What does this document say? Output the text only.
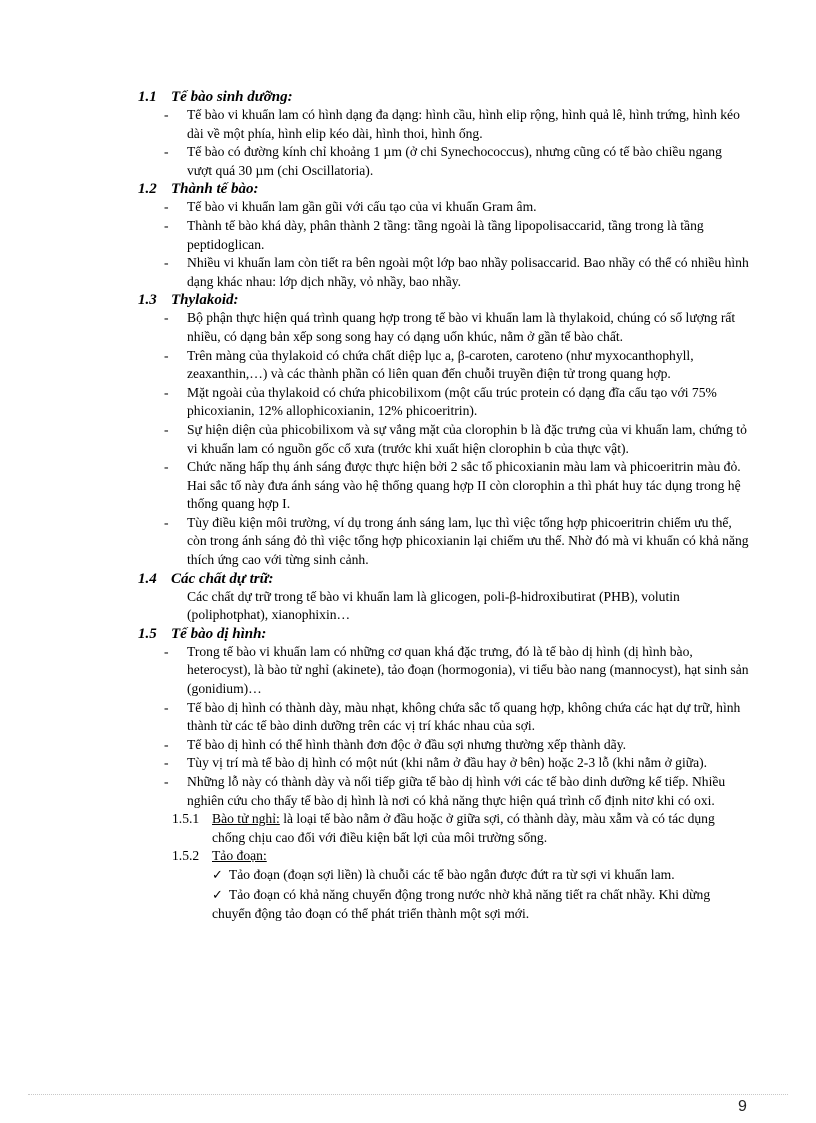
1.1 Tế bào sinh dưỡng:

- Tế bào vi khuẩn lam có hình dạng đa dạng: hình cầu, hình elip rộng, hình quả lê, hình trứng, hình kéo dài về một phía, hình elip kéo dài, hình thoi, hình ống.
- Tế bào có đường kính chỉ khoảng 1 µm (ở chi Synechococcus), nhưng cũng có tế bào chiều ngang vượt quá 30 µm (chi Oscillatoria).

1.2 Thành tế bào:

- Tế bào vi khuẩn lam gần gũi với cấu tạo của vi khuẩn Gram âm.
- Thành tế bào khá dày, phân thành 2 tầng: tầng ngoài là tầng lipopolisaccarid, tầng trong là tầng peptidoglican.
- Nhiều vi khuẩn lam còn tiết ra bên ngoài một lớp bao nhầy polisaccarid. Bao nhầy có thể có nhiều hình dạng khác nhau: lớp dịch nhầy, vỏ nhầy, bao nhầy.

1.3 Thylakoid:

- Bộ phận thực hiện quá trình quang hợp trong tế bào vi khuẩn lam là thylakoid, chúng có số lượng rất nhiều, có dạng bản xếp song song hay có dạng uốn khúc, nằm ở gần tế bào chất.
- Trên màng của thylakoid có chứa chất diệp lục a, β-caroten, caroteno (như myxocanthophyll, zeaxanthin,…) và các thành phần có liên quan đến chuỗi truyền điện tử trong quang hợp.
- Mặt ngoài của thylakoid có chứa phicobilixom (một cấu trúc protein có dạng đĩa cấu tạo với 75% phicoxianin, 12% allophicoxianin, 12% phicoeritrin).
- Sự hiện diện của phicobilixom và sự vắng mặt của clorophin b là đặc trưng của vi khuẩn lam, chứng tỏ vi khuẩn lam có nguồn gốc cổ xưa (trước khi xuất hiện clorophin b của thực vật).
- Chức năng hấp thụ ánh sáng được thực hiện bởi 2 sắc tố phicoxianin màu lam và phicoeritrin màu đỏ. Hai sắc tố này đưa ánh sáng vào hệ thống quang hợp II còn clorophin a thì phát huy tác dụng trong hệ thống quang hợp I.
- Tùy điều kiện môi trường, ví dụ trong ánh sáng lam, lục thì việc tổng hợp phicoeritrin chiếm ưu thế, còn trong ánh sáng đỏ thì việc tổng hợp phicoxianin lại chiếm ưu thế. Nhờ đó mà vi khuẩn có khả năng thích ứng cao với từng sinh cảnh.

1.4 Các chất dự trữ:

Các chất dự trữ trong tế bào vi khuẩn lam là glicogen, poli-β-hidroxibutirat (PHB), volutin (poliphotphat), xianophixin…

1.5 Tế bào dị hình:

- Trong tế bào vi khuẩn lam có những cơ quan khá đặc trưng, đó là tế bào dị hình (dị hình bào, heterocyst), là bào tử nghỉ (akinete), tảo đoạn (hormogonia), vi tiểu bào nang (mannocyst), hạt sinh sản (gonidium)…
- Tế bào dị hình có thành dày, màu nhạt, không chứa sắc tố quang hợp, không chứa các hạt dự trữ, hình thành từ các tế bào dinh dưỡng trên các vị trí khác nhau của sợi.
- Tế bào dị hình có thể hình thành đơn độc ở đầu sợi nhưng thường xếp thành dãy.
- Tùy vị trí mà tế bào dị hình có một nút (khi nằm ở đầu hay ở bên) hoặc 2-3 lỗ (khi nằm ở giữa).
- Những lỗ này có thành dày và nối tiếp giữa tế bào dị hình với các tế bào dinh dưỡng kế tiếp. Nhiều nghiên cứu cho thấy tế bào dị hình là nơi có khả năng thực hiện quá trình cố định nitơ khi có oxi.

1.5.1 Bào tử nghỉ: là loại tế bào nằm ở đầu hoặc ở giữa sợi, có thành dày, màu xẫm và có tác dụng chống chịu cao đối với điều kiện bất lợi của môi trường sống.

1.5.2 Tảo đoạn:

✓ Tảo đoạn (đoạn sợi liền) là chuỗi các tế bào ngắn được đứt ra từ sợi vi khuẩn lam.

✓ Tảo đoạn có khả năng chuyển động trong nước nhờ khả năng tiết ra chất nhầy. Khi dừng chuyển động tảo đoạn có thể phát triển thành một sợi mới.

9
